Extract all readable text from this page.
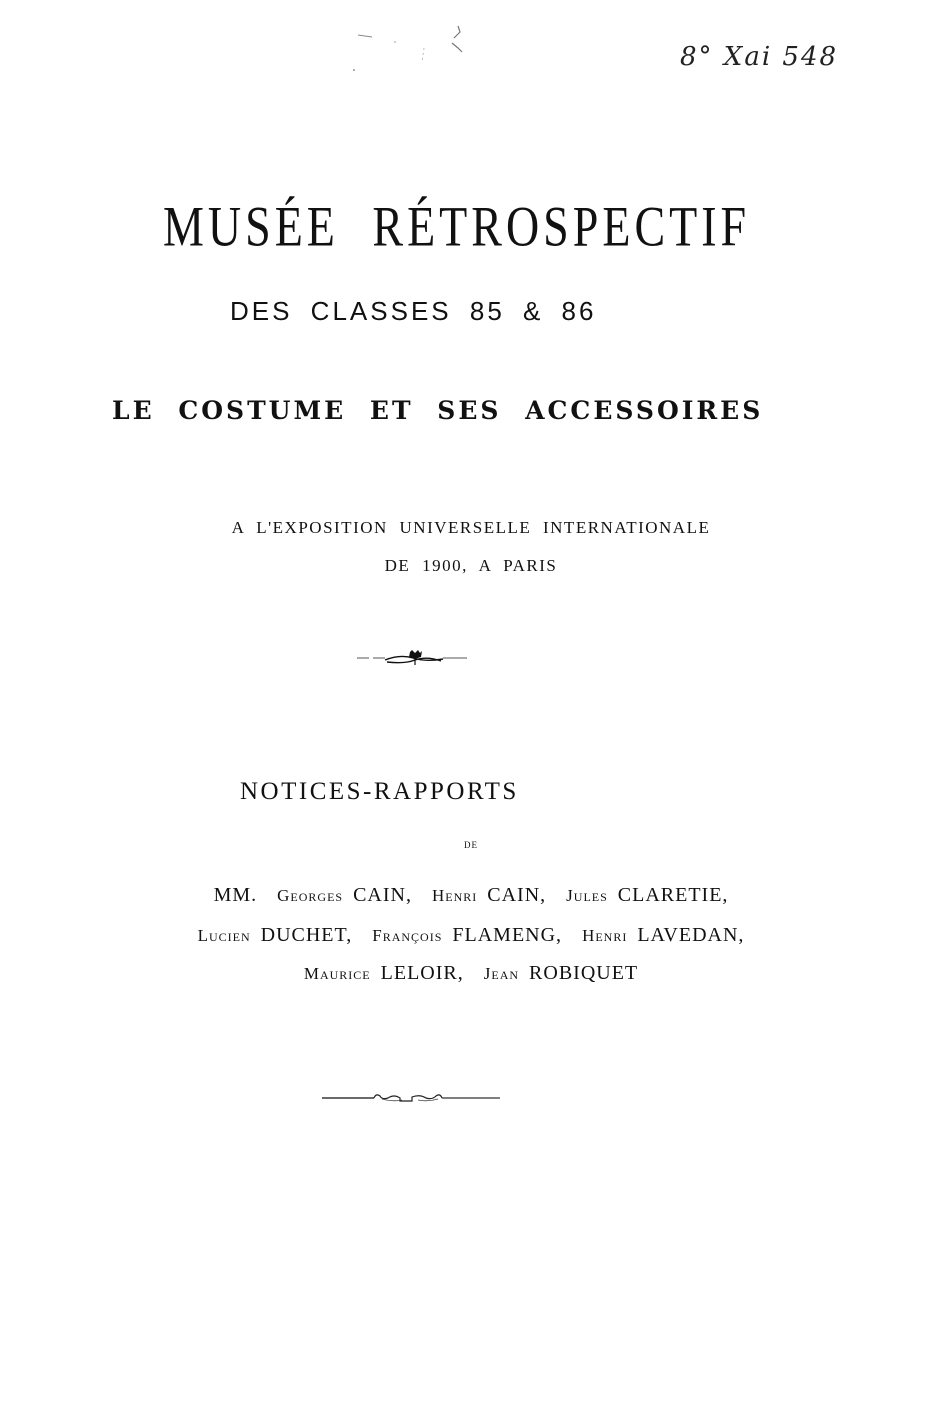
8° Xai 548
MUSÉE RÉTROSPECTIF
DES CLASSES 85 & 86
LE COSTUME ET SES ACCESSOIRES
A L'EXPOSITION UNIVERSELLE INTERNATIONALE
DE 1900, A PARIS
NOTICES-RAPPORTS
DE
MM. Georges CAIN, Henri CAIN, Jules CLARETIE,
Lucien DUCHET, François FLAMENG, Henri LAVEDAN,
Maurice LELOIR, Jean ROBIQUET
